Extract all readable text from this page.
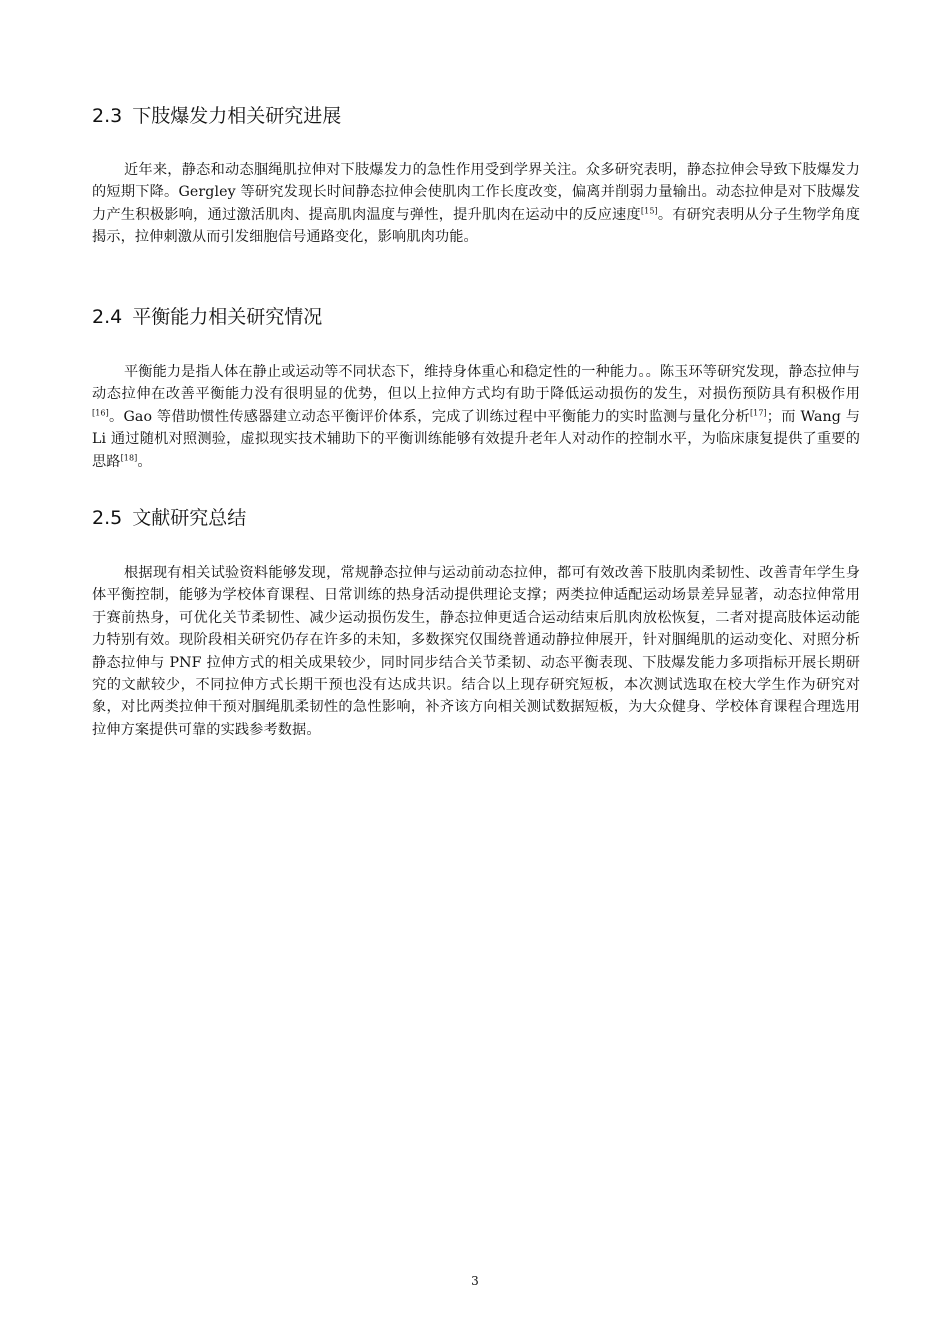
2.3 下肢爆发力相关研究进展

近年来，静态和动态腘绳肌拉伸对下肢爆发力的急性作用受到学界关注。众多研究表明，静态拉伸会导致下肢爆发力的短期下降。Gergley 等研究发现长时间静态拉伸会使肌肉工作长度改变，偏离并削弱力量输出。动态拉伸是对下肢爆发力产生积极影响，通过激活肌肉、提高肌肉温度与弹性，提升肌肉在运动中的反应速度[15]。有研究表明从分子生物学角度揭示，拉伸刺激从而引发细胞信号通路变化，影响肌肉功能。

2.4 平衡能力相关研究情况

平衡能力是指人体在静止或运动等不同状态下，维持身体重心和稳定性的一种能力。。陈玉环等研究发现，静态拉伸与动态拉伸在改善平衡能力没有很明显的优势，但以上拉伸方式均有助于降低运动损伤的发生，对损伤预防具有积极作用[16]。Gao 等借助惯性传感器建立动态平衡评价体系，完成了训练过程中平衡能力的实时监测与量化分析[17]；而 Wang 与 Li 通过随机对照测验，虚拟现实技术辅助下的平衡训练能够有效提升老年人对动作的控制水平，为临床康复提供了重要的思路[18]。

2.5 文献研究总结

根据现有相关试验资料能够发现，常规静态拉伸与运动前动态拉伸，都可有效改善下肢肌肉柔韧性、改善青年学生身体平衡控制，能够为学校体育课程、日常训练的热身活动提供理论支撑；两类拉伸适配运动场景差异显著，动态拉伸常用于赛前热身，可优化关节柔韧性、减少运动损伤发生，静态拉伸更适合运动结束后肌肉放松恢复，二者对提高肢体运动能力特别有效。现阶段相关研究仍存在许多的未知，多数探究仅围绕普通动静拉伸展开，针对腘绳肌的运动变化、对照分析静态拉伸与 PNF 拉伸方式的相关成果较少，同时同步结合关节柔韧、动态平衡表现、下肢爆发能力多项指标开展长期研究的文献较少，不同拉伸方式长期干预也没有达成共识。结合以上现存研究短板，本次测试选取在校大学生作为研究对象，对比两类拉伸干预对腘绳肌柔韧性的急性影响，补齐该方向相关测试数据短板，为大众健身、学校体育课程合理选用拉伸方案提供可靠的实践参考数据。

3
